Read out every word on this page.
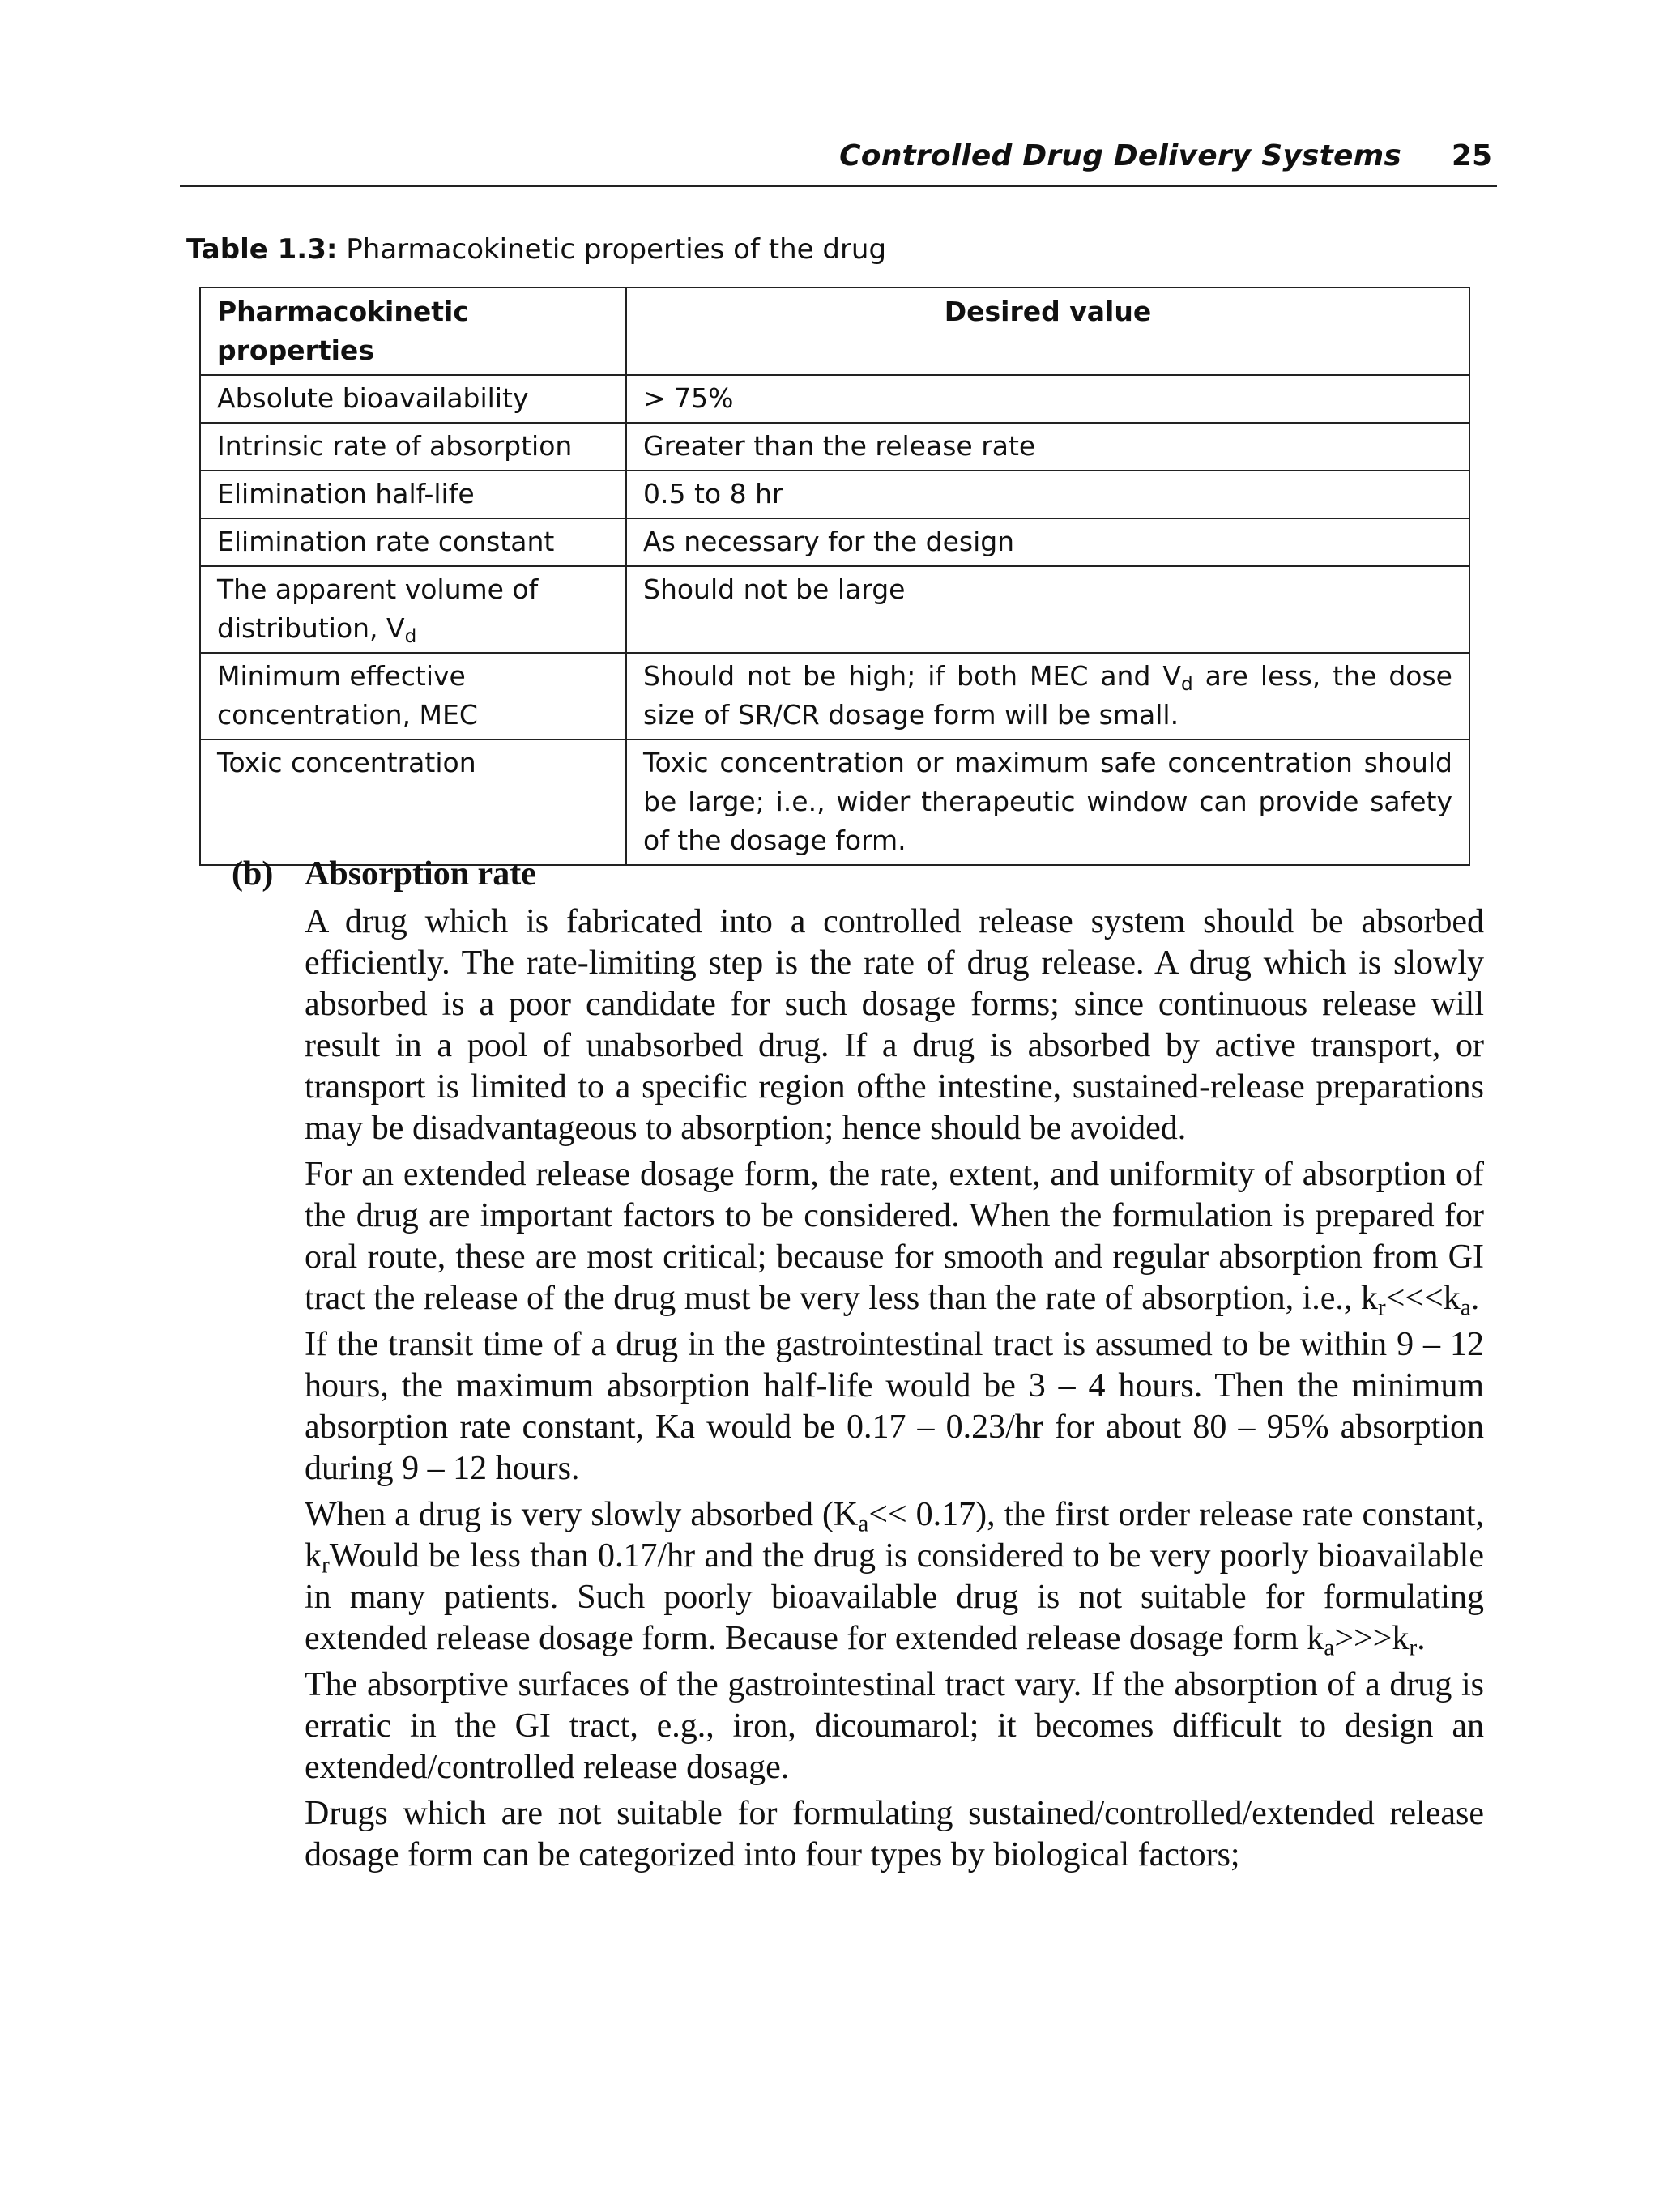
Controlled Drug Delivery Systems 25
Table 1.3: Pharmacokinetic properties of the drug
Pharmacokinetic properties	Desired value
Absolute bioavailability	> 75%
Intrinsic rate of absorption	Greater than the release rate
Elimination half-life	0.5 to 8 hr
Elimination rate constant	As necessary for the design
The apparent volume of distribution, $V_d$	Should not be large
Minimum effective concentration, MEC	Should not be high; if both MEC and $V_d$ are less, the dose size of SR/CR dosage form will be small.
Toxic concentration	Toxic concentration or maximum safe concentration should be large; i.e., wider therapeutic window can provide safety of the dosage form.
(b) Absorption rate

A drug which is fabricated into a controlled release system should be absorbed efficiently. The rate-limiting step is the rate of drug release. A drug which is slowly absorbed is a poor candidate for such dosage forms; since continuous release will result in a pool of unabsorbed drug. If a drug is absorbed by active transport, or transport is limited to a specific region ofthe intestine, sustained-release preparations may be disadvantageous to absorption; hence should be avoided.

For an extended release dosage form, the rate, extent, and uniformity of absorption of the drug are important factors to be considered. When the formulation is prepared for oral route, these are most critical; because for smooth and regular absorption from GI tract the release of the drug must be very less than the rate of absorption, i.e., $k_r<<<k_a$.

If the transit time of a drug in the gastrointestinal tract is assumed to be within 9 – 12 hours, the maximum absorption half-life would be 3 – 4 hours. Then the minimum absorption rate constant, Ka would be 0.17 – 0.23/hr for about 80 – 95% absorption during 9 – 12 hours.

When a drug is very slowly absorbed $(K_a<< 0.17)$, the first order release rate constant, $k_rWould$ be less than 0.17/hr and the drug is considered to be very poorly bioavailable in many patients. Such poorly bioavailable drug is not suitable for formulating extended release dosage form. Because for extended release dosage form $k_a>>>k_r$.

The absorptive surfaces of the gastrointestinal tract vary. If the absorption of a drug is erratic in the GI tract, e.g., iron, dicoumarol; it becomes difficult to design an extended/controlled release dosage.

Drugs which are not suitable for formulating sustained/controlled/extended release dosage form can be categorized into four types by biological factors;
